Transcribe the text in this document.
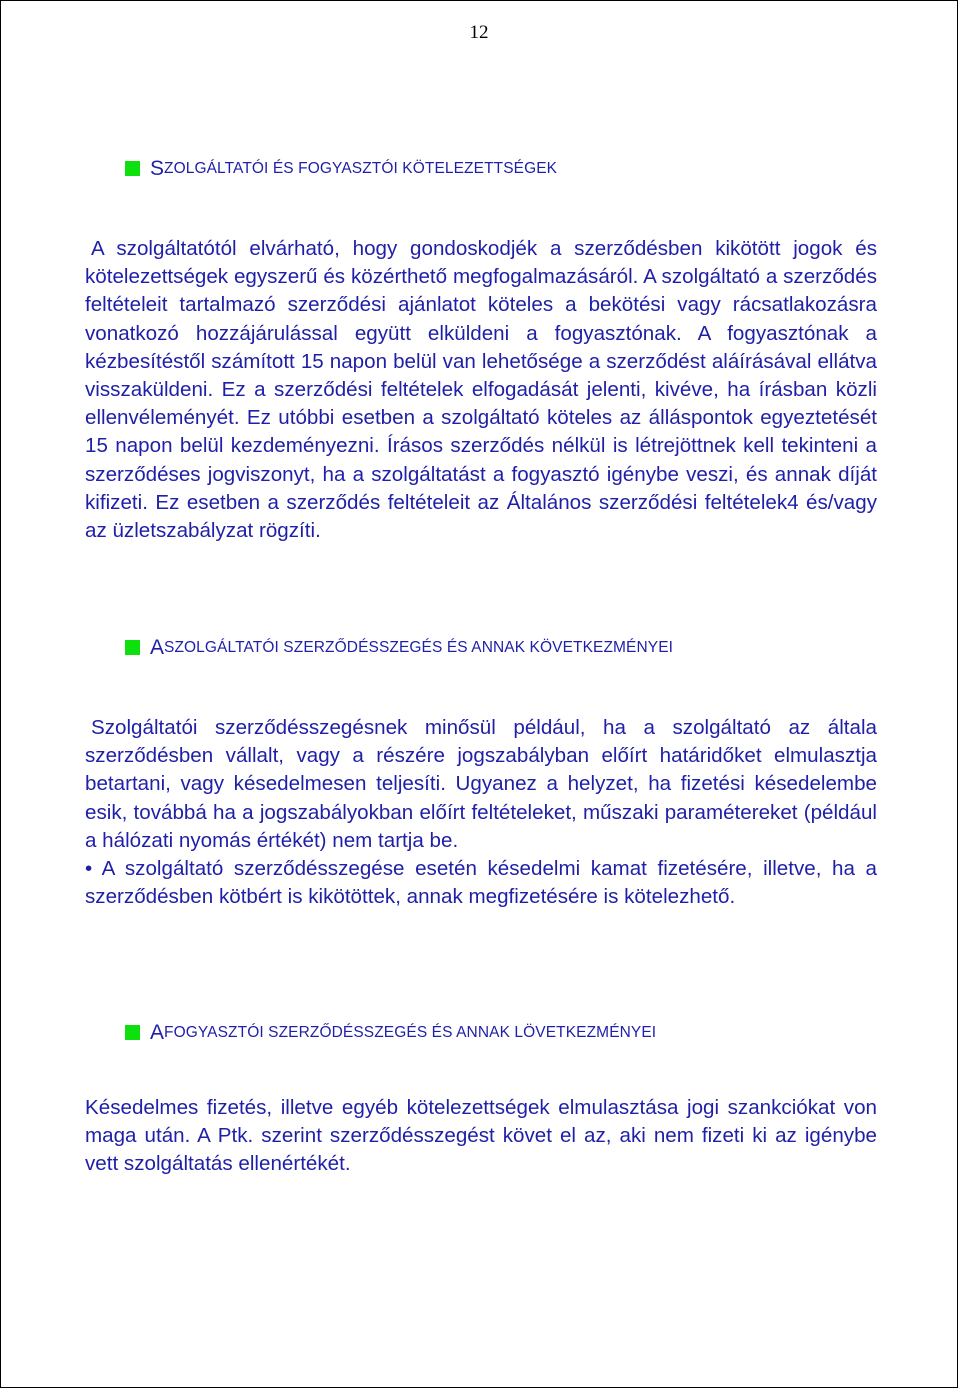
12
S ZOLGÁLTATÓI ÉS FOGYASZTÓI KÖTELEZETTSÉGEK

A szolgáltatótól elvárható, hogy gondoskodjék a szerződésben kikötött jogok és kötelezettségek egyszerű és közérthető megfogalmazásáról. A szolgáltató a szerződés feltételeit tartalmazó szerződési ajánlatot köteles a bekötési vagy rácsatlakozásra vonatkozó hozzájárulással együtt elküldeni a fogyasztónak. A fogyasztónak a kézbesítéstől számított 15 napon belül van lehetősége a szerződést aláírásával ellátva visszaküldeni. Ez a szerződési feltételek elfogadását jelenti, kivéve, ha írásban közli ellenvéleményét. Ez utóbbi esetben a szolgáltató köteles az álláspontok egyeztetését 15 napon belül kezdeményezni. Írásos szerződés nélkül is létrejöttnek kell tekinteni a szerződéses jogviszonyt, ha a szolgáltatást a fogyasztó igénybe veszi, és annak díját kifizeti. Ez esetben a szerződés feltételeit az Általános szerződési feltételek4 és/vagy az üzletszabályzat rögzíti.

A SZOLGÁLTATÓI SZERZŐDÉSSZEGÉS ÉS ANNAK KÖVETKEZMÉNYEI
Szolgáltatói szerződésszegésnek minősül például, ha a szolgáltató az általa szerződésben vállalt, vagy a részére jogszabályban előírt határidőket elmulasztja betartani, vagy késedelmesen teljesíti. Ugyanez a helyzet, ha fizetési késedelembe esik, továbbá ha a jogszabályokban előírt feltételeket, műszaki paramétereket (például a hálózati nyomás értékét) nem tartja be.
• A szolgáltató szerződésszegése esetén késedelmi kamat fizetésére, illetve, ha a szerződésben kötbért is kikötöttek, annak megfizetésére is kötelezhető.
A FOGYASZTÓI SZERZŐDÉSSZEGÉS ÉS ANNAK LÖVETKEZMÉNYEI

Késedelmes fizetés, illetve egyéb kötelezettségek elmulasztása jogi szankciókat von maga után. A Ptk. szerint szerződésszegést követ el az, aki nem fizeti ki az igénybe vett szolgáltatás ellenértékét.
